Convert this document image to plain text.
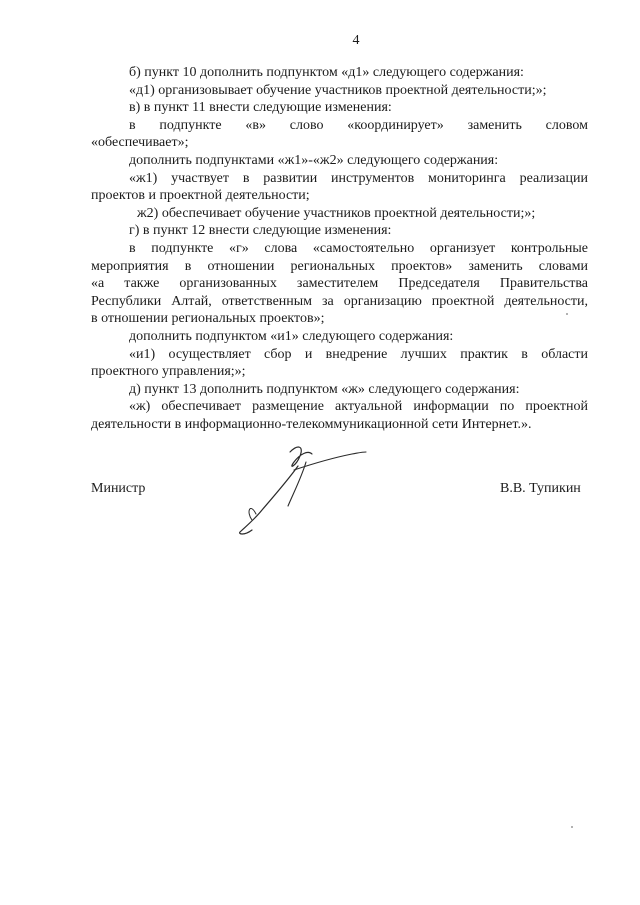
4

б) пункт 10 дополнить подпунктом «д1» следующего содержания:

«д1) организовывает обучение участников проектной деятельности;»;

в) в пункт 11 внести следующие изменения:

в подпункте «в» слово «координирует» заменить словом

«обеспечивает»;

дополнить подпунктами «ж1»-«ж2» следующего содержания:

«ж1) участвует в развитии инструментов мониторинга реализации

проектов и проектной деятельности;

ж2) обеспечивает обучение участников проектной деятельности;»;

г) в пункт 12 внести следующие изменения:

в подпункте «г» слова «самостоятельно организует контрольные

мероприятия в отношении региональных проектов» заменить словами

«а также организованных заместителем Председателя Правительства

Республики Алтай, ответственным за организацию проектной деятельности,

в отношении региональных проектов»;

дополнить подпунктом «и1» следующего содержания:

«и1) осуществляет сбор и внедрение лучших практик в области

проектного управления;»;

д) пункт 13 дополнить подпунктом «ж» следующего содержания:

«ж) обеспечивает размещение актуальной информации по проектной

деятельности в информационно-телекоммуникационной сети Интернет.».

Министр	В.В. Тупикин
